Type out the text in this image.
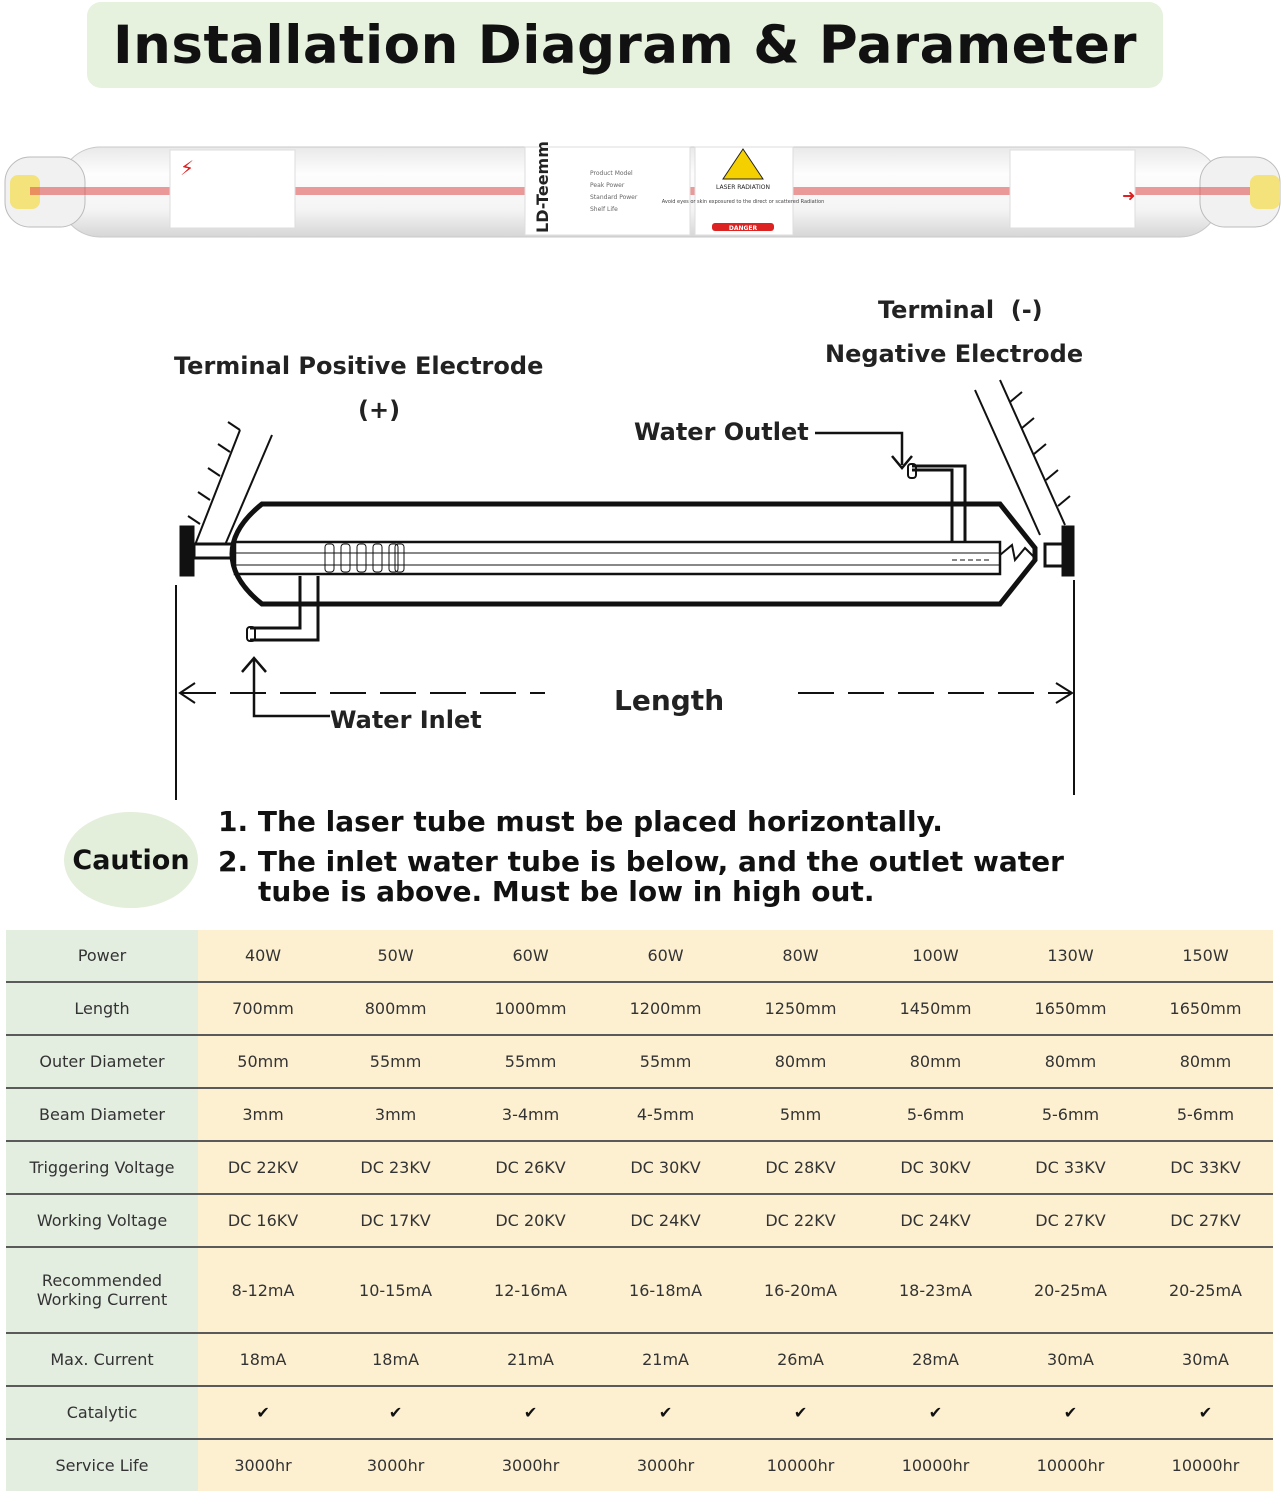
Installation Diagram & Parameter
⚡	LD-Teemm	Product Model
Peak Power
Standard Power
Shelf Life
LASER RADIATION
Avoid eyes or skin exposured to the direct or scattered Radiation
DANGER
➜
Terminal Positive Electrode
(+)
Terminal  (-)
Negative Electrode
Water Outlet
Water Inlet
Length
Caution
1. The laser tube must be placed horizontally.
2. The inlet water tube is below, and the outlet water
tube is above. Must be low in high out.
Power	40W	50W	60W	60W	80W	100W	130W	150W
Length	700mm	800mm	1000mm	1200mm	1250mm	1450mm	1650mm	1650mm
Outer Diameter	50mm	55mm	55mm	55mm	80mm	80mm	80mm	80mm
Beam Diameter	3mm	3mm	3-4mm	4-5mm	5mm	5-6mm	5-6mm	5-6mm
Triggering Voltage	DC 22KV	DC 23KV	DC 26KV	DC 30KV	DC 28KV	DC 30KV	DC 33KV	DC 33KV
Working Voltage	DC 16KV	DC 17KV	DC 20KV	DC 24KV	DC 22KV	DC 24KV	DC 27KV	DC 27KV
Recommended Working Current	8-12mA	10-15mA	12-16mA	16-18mA	16-20mA	18-23mA	20-25mA	20-25mA
Max. Current	18mA	18mA	21mA	21mA	26mA	28mA	30mA	30mA
Catalytic	✔	✔	✔	✔	✔	✔	✔	✔
Service Life	3000hr	3000hr	3000hr	3000hr	10000hr	10000hr	10000hr	10000hr
